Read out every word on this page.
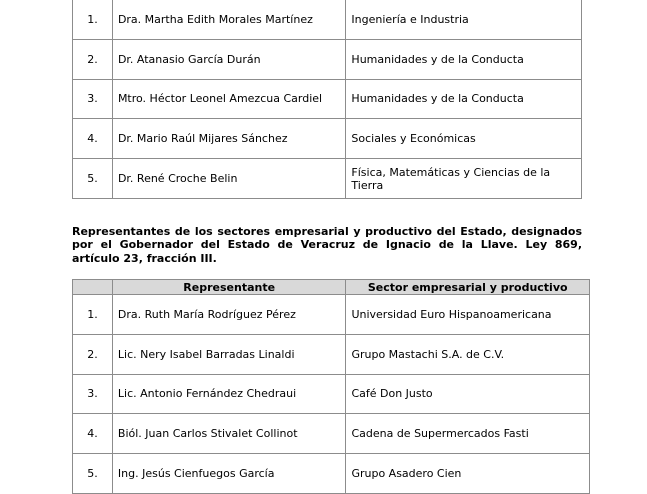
1.	Dra. Martha Edith Morales Martínez	Ingeniería e Industria
2.	Dr. Atanasio García Durán	Humanidades y de la Conducta
3.	Mtro. Héctor Leonel Amezcua Cardiel	Humanidades y de la Conducta
4.	Dr. Mario Raúl Mijares Sánchez	Sociales y Económicas
5.	Dr. René Croche Belin	Física, Matemáticas y Ciencias de la Tierra

Representantes de los sectores empresarial y productivo del Estado, designados por el Gobernador del Estado de Veracruz de Ignacio de la Llave. Ley 869, artículo 23, fracción III.

	Representante	Sector empresarial y productivo
1.	Dra. Ruth María Rodríguez Pérez	Universidad Euro Hispanoamericana
2.	Lic. Nery Isabel Barradas Linaldi	Grupo Mastachi S.A. de C.V.
3.	Lic. Antonio Fernández Chedraui	Café Don Justo
4.	Biól. Juan Carlos Stivalet Collinot	Cadena de Supermercados Fasti
5.	Ing. Jesús Cienfuegos García	Grupo Asadero Cien
